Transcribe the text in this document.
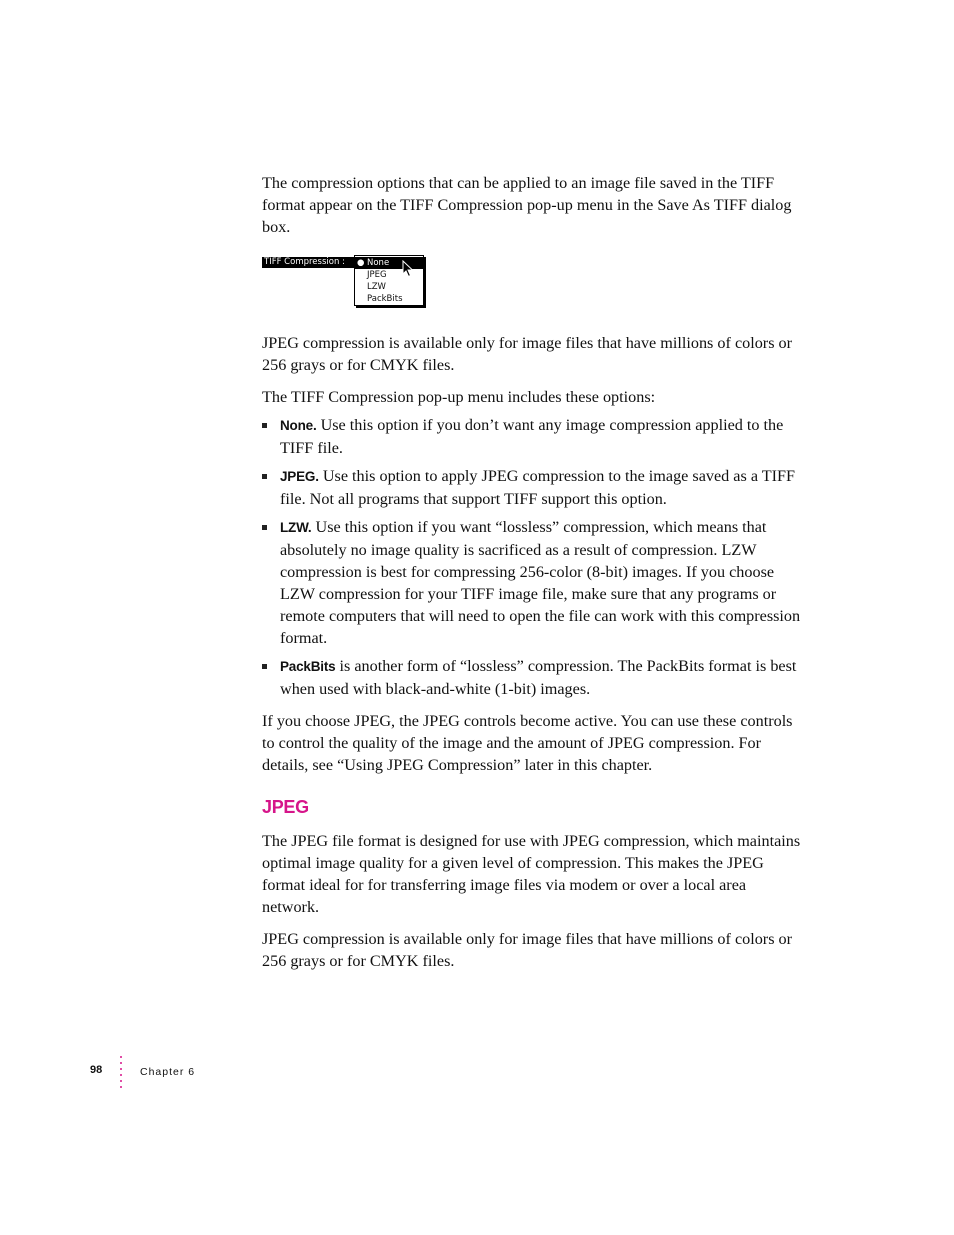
The compression options that can be applied to an image file saved in the TIFF format appear on the TIFF Compression pop-up menu in the Save As TIFF dialog box.

TIFF Compression :	● None
JPEG
LZW
PackBits

JPEG compression is available only for image files that have millions of colors or 256 grays or for CMYK files.

The TIFF Compression pop-up menu includes these options:

None. Use this option if you don’t want any image compression applied to the TIFF file.
JPEG. Use this option to apply JPEG compression to the image saved as a TIFF file. Not all programs that support TIFF support this option.
LZW. Use this option if you want “lossless” compression, which means that absolutely no image quality is sacrificed as a result of compression. LZW compression is best for compressing 256-color (8-bit) images. If you choose LZW compression for your TIFF image file, make sure that any programs or remote computers that will need to open the file can work with this compression format.
PackBits is another form of “lossless” compression. The PackBits format is best when used with black-and-white (1-bit) images.

If you choose JPEG, the JPEG controls become active. You can use these controls to control the quality of the image and the amount of JPEG compression. For details, see “Using JPEG Compression” later in this chapter.

JPEG

The JPEG file format is designed for use with JPEG compression, which maintains optimal image quality for a given level of compression. This makes the JPEG format ideal for for transferring image files via modem or over a local area network.

JPEG compression is available only for image files that have millions of colors or 256 grays or for CMYK files.

98	Chapter 6
